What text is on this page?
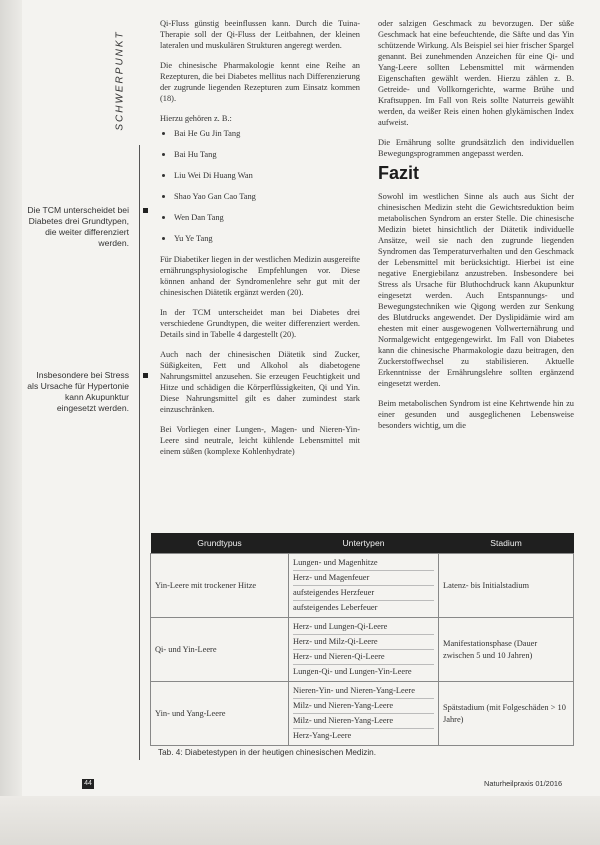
SCHWERPUNKT
Die TCM unterscheidet bei Diabetes drei Grundtypen, die weiter differenziert werden.
Insbesondere bei Stress als Ursache für Hypertonie kann Akupunktur eingesetzt werden.

Qi-Fluss günstig beeinflussen kann. Durch die Tuina-Therapie soll der Qi-Fluss der Leitbahnen, der kleinen lateralen und muskulären Strukturen angeregt werden.

Die chinesische Pharmakologie kennt eine Reihe an Rezepturen, die bei Diabetes mellitus nach Differenzierung der zugrunde liegenden Rezepturen zum Einsatz kommen (18).

Hierzu gehören z. B.:

Bai He Gu Jin Tang
Bai Hu Tang
Liu Wei Di Huang Wan
Shao Yao Gan Cao Tang
Wen Dan Tang
Yu Ye Tang

Für Diabetiker liegen in der westlichen Medizin ausgereifte ernährungsphysiologische Empfehlungen vor. Diese können anhand der Syndromenlehre sehr gut mit der chinesischen Diätetik ergänzt werden (20).

In der TCM unterscheidet man bei Diabetes drei verschiedene Grundtypen, die weiter differenziert werden. Details sind in Tabelle 4 dargestellt (20).

Auch nach der chinesischen Diätetik sind Zucker, Süßigkeiten, Fett und Alkohol als diabetogene Nahrungsmittel anzusehen. Sie erzeugen Feuchtigkeit und Hitze und schädigen die Körperflüssigkeiten, Qi und Yin. Diese Nahrungsmittel gilt es daher zumindest stark einzuschränken.

Bei Vorliegen einer Lungen-, Magen- und Nieren-Yin-Leere sind neutrale, leicht kühlende Lebensmittel mit einem süßen (komplexe Kohlenhydrate)

oder salzigen Geschmack zu bevorzugen. Der süße Geschmack hat eine befeuchtende, die Säfte und das Yin schützende Wirkung. Als Beispiel sei hier frischer Spargel genannt. Bei zunehmenden Anzeichen für eine Qi- und Yang-Leere sollten Lebensmittel mit wärmenden Eigenschaften gewählt werden. Hierzu zählen z. B. Getreide- und Vollkorngerichte, warme Brühe und Kraftsuppen. Im Fall von Reis sollte Naturreis gewählt werden, da weißer Reis einen hohen glykämischen Index aufweist.

Die Ernährung sollte grundsätzlich den individuellen Bewegungsprogrammen angepasst werden.

Fazit

Sowohl im westlichen Sinne als auch aus Sicht der chinesischen Medizin steht die Gewichtsreduktion beim metabolischen Syndrom an erster Stelle. Die chinesische Medizin bietet hinsichtlich der Diätetik individuelle Ansätze, weil sie nach den zugrunde liegenden Syndromen das Temperaturverhalten und den Geschmack der Lebensmittel mit berücksichtigt. Hierbei ist eine negative Energiebilanz anzustreben. Insbesondere bei Stress als Ursache für Bluthochdruck kann Akupunktur eingesetzt werden. Auch Entspannungs- und Bewegungstechniken wie Qigong werden zur Senkung des Blutdrucks angewendet. Der Dyslipidämie wird am ehesten mit einer ausgewogenen Vollwerternährung und Normalgewicht entgegengewirkt. Im Fall von Diabetes kann die chinesische Pharmakologie dazu beitragen, den Zuckerstoffwechsel zu stabilisieren. Aktuelle Erkenntnisse der Ernährungslehre sollten ergänzend eingesetzt werden.

Beim metabolischen Syndrom ist eine Kehrtwende hin zu einer gesunden und ausgeglichenen Lebensweise besonders wichtig, um die

Grundtypus	Untertypen	Stadium
Yin-Leere mit trockener Hitze	Lungen- und Magenhitze
Herz- und Magenfeuer
aufsteigendes Herzfeuer
aufsteigendes Leberfeuer	Latenz- bis Initialstadium
Qi- und Yin-Leere	Herz- und Lungen-Qi-Leere
Herz- und Milz-Qi-Leere
Herz- und Nieren-Qi-Leere
Lungen-Qi- und Lungen-Yin-Leere	Manifestationsphase (Dauer zwischen 5 und 10 Jahren)
Yin- und Yang-Leere	Nieren-Yin- und Nieren-Yang-Leere
Milz- und Nieren-Yang-Leere
Milz- und Nieren-Yang-Leere
Herz-Yang-Leere	Spätstadium (mit Folgeschäden > 10 Jahre)
Tab. 4: Diabetestypen in der heutigen chinesischen Medizin.
44	Naturheilpraxis 01/2016
